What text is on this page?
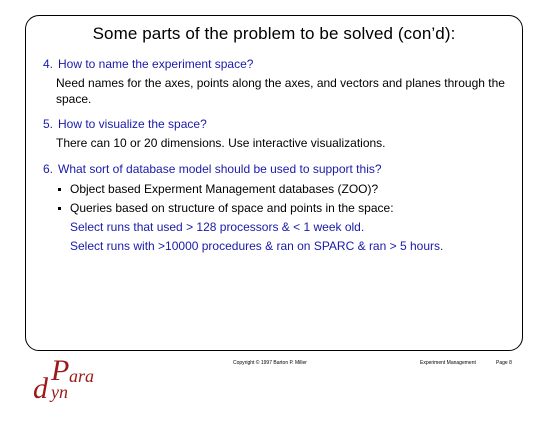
Some parts of the problem to be solved (con’d):
4. How to name the experiment space?
Need names for the axes, points along the axes, and vectors and planes through the space.
5. How to visualize the space?
There can 10 or 20 dimensions. Use interactive visualizations.
6. What sort of database model should be used to support this?
Object based Experment Management databases (ZOO)?
Queries based on structure of space and points in the space:
Select runs that used > 128 processors & < 1 week old.
Select runs with >10000 procedures & ran on SPARC & ran > 5 hours.
Copyright © 1997 Barton P. Miller	Experiment Management	Page 8
P ara
d yn
